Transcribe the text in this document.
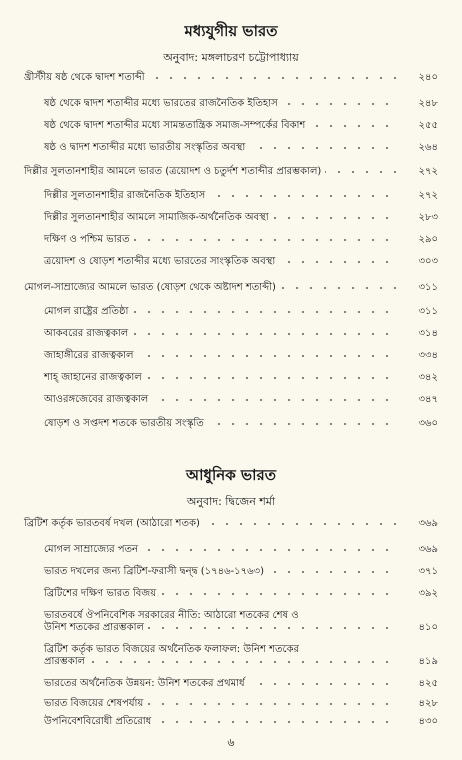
মধ্যযুগীয় ভারত
অনুবাদ: মঙ্গলাচরণ চট্টোপাধ্যায়
খ্রীস্টীয় ষষ্ঠ থেকে দ্বাদশ শতাব্দী	২৪০
ষষ্ঠ থেকে দ্বাদশ শতাব্দীর মধ্যে ভারতের রাজনৈতিক ইতিহাস	২৪৮
ষষ্ঠ থেকে দ্বাদশ শতাব্দীর মধ্যে সামন্ততান্ত্রিক সমাজ-সম্পর্কের বিকাশ	২৫৫
ষষ্ঠ ও দ্বাদশ শতাব্দীর মধ্যে ভারতীয় সংস্কৃতির অবস্থা	২৬৪
দিল্লীর সুলতানশাহীর আমলে ভারত (ত্রয়োদশ ও চতুর্দশ শতাব্দীর প্রারম্ভকাল)	২৭২
দিল্লীর সুলতানশাহীর রাজনৈতিক ইতিহাস	২৭২
দিল্লীর সুলতানশাহীর আমলে সামাজিক-অর্থনৈতিক অবস্থা	২৮৩
দক্ষিণ ও পশ্চিম ভারত	২৯০
ত্রয়োদশ ও ষোড়শ শতাব্দীর মধ্যে ভারতের সাংস্কৃতিক অবস্থা	৩০৩
মোগল-সাম্রাজ্যের আমলে ভারত (ষোড়শ থেকে অষ্টাদশ শতাব্দী)	৩১১
মোগল রাষ্ট্রের প্রতিষ্ঠা	৩১১
আকবরের রাজত্বকাল	৩১৪
জাহাঙ্গীরের রাজত্বকাল	৩৩৪
শাহ্ জাহানের রাজত্বকাল	৩৪২
আওরঙ্গজেবের রাজত্বকাল	৩৪৭
ষোড়শ ও সপ্তদশ শতকে ভারতীয় সংস্কৃতি	৩৬০
আধুনিক ভারত
অনুবাদ: দ্বিজেন শর্মা
ব্রিটিশ কর্তৃক ভারতবর্ষ দখল (আঠারো শতক)	৩৬৯
মোগল সাম্রাজ্যের পতন	৩৬৯
ভারত দখলের জন্য ব্রিটিশ-ফরাসী দ্বন্দ্ব (১৭৪৬-১৭৬৩)	৩৭১
ব্রিটিশের দক্ষিণ ভারত বিজয়	৩৯২
ভারতবর্ষে ঔপনিবেশিক সরকারের নীতি: আঠারো শতকের শেষ ও
উনিশ শতকের প্রারম্ভকাল	৪১০
ব্রিটিশ কর্তৃক ভারত বিজয়ের অর্থনৈতিক ফলাফল: উনিশ শতকের
প্রারম্ভকাল	৪১৯
ভারতের অর্থনৈতিক উন্নয়ন: উনিশ শতকের প্রথমার্ধ	৪২৫
ভারত বিজয়ের শেষপর্যায়	৪২৮
উপনিবেশবিরোধী প্রতিরোধ	৪৩০
৬
